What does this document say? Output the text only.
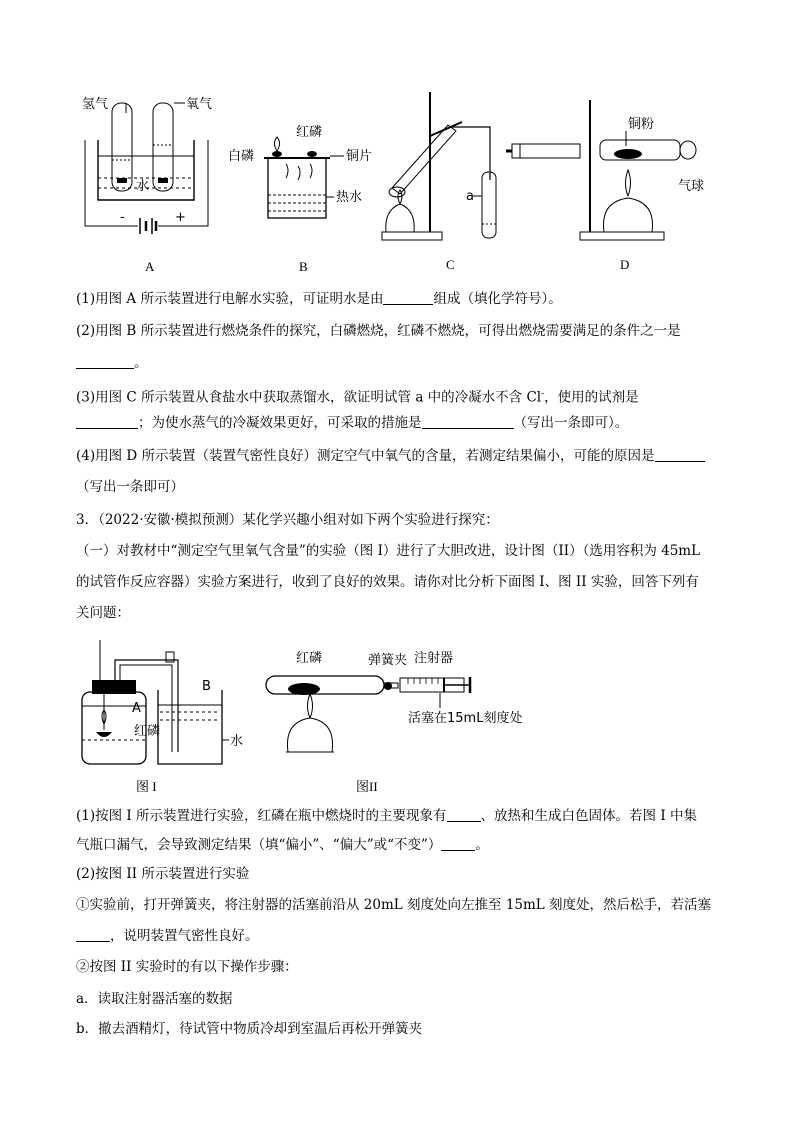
氢气	氧气
水
-	+
红磷
白磷	铜片
热水	a
铜粉
气球
A	B	C	D
(1)用图 A 所示装置进行电解水实验，可证明水是由	组成（填化学符号）。
(2)用图 B 所示装置进行燃烧条件的探究，白磷燃烧，红磷不燃烧，可得出燃烧需要满足的条件之一是
。
(3)用图 C 所示装置从食盐水中获取蒸馏水，欲证明试管 a 中的冷凝水不含 Cl-，使用的试剂是
；为使水蒸气的冷凝效果更好，可采取的措施是	（写出一条即可）。
(4)用图 D 所示装置（装置气密性良好）测定空气中氧气的含量，若测定结果偏小，可能的原因是
（写出一条即可）
3．（2022·安徽·模拟预测）某化学兴趣小组对如下两个实验进行探究：
（一）对教材中“测定空气里氧气含量”的实验（图 I）进行了大胆改进，设计图（II）（选用容积为 45mL
的试管作反应容器）实验方案进行，收到了良好的效果。请你对比分析下面图 I、图 II 实验，回答下列有
关问题：
A
B
红磷
水
红磷	弹簧夹 注射器
活塞在15mL刻度处
图 I	图II
(1)按图 I 所示装置进行实验，红磷在瓶中燃烧时的主要现象有	、放热和生成白色固体。若图 I 中集
气瓶口漏气，会导致测定结果（填“偏小”、“偏大”或“不变”）	。
(2)按图 II 所示装置进行实验
①实验前，打开弹簧夹，将注射器的活塞前沿从 20mL 刻度处向左推至 15mL 刻度处，然后松手，若活塞
，说明装置气密性良好。
②按图 II 实验时的有以下操作步骤：
a．读取注射器活塞的数据
b．撤去酒精灯，待试管中物质冷却到室温后再松开弹簧夹
